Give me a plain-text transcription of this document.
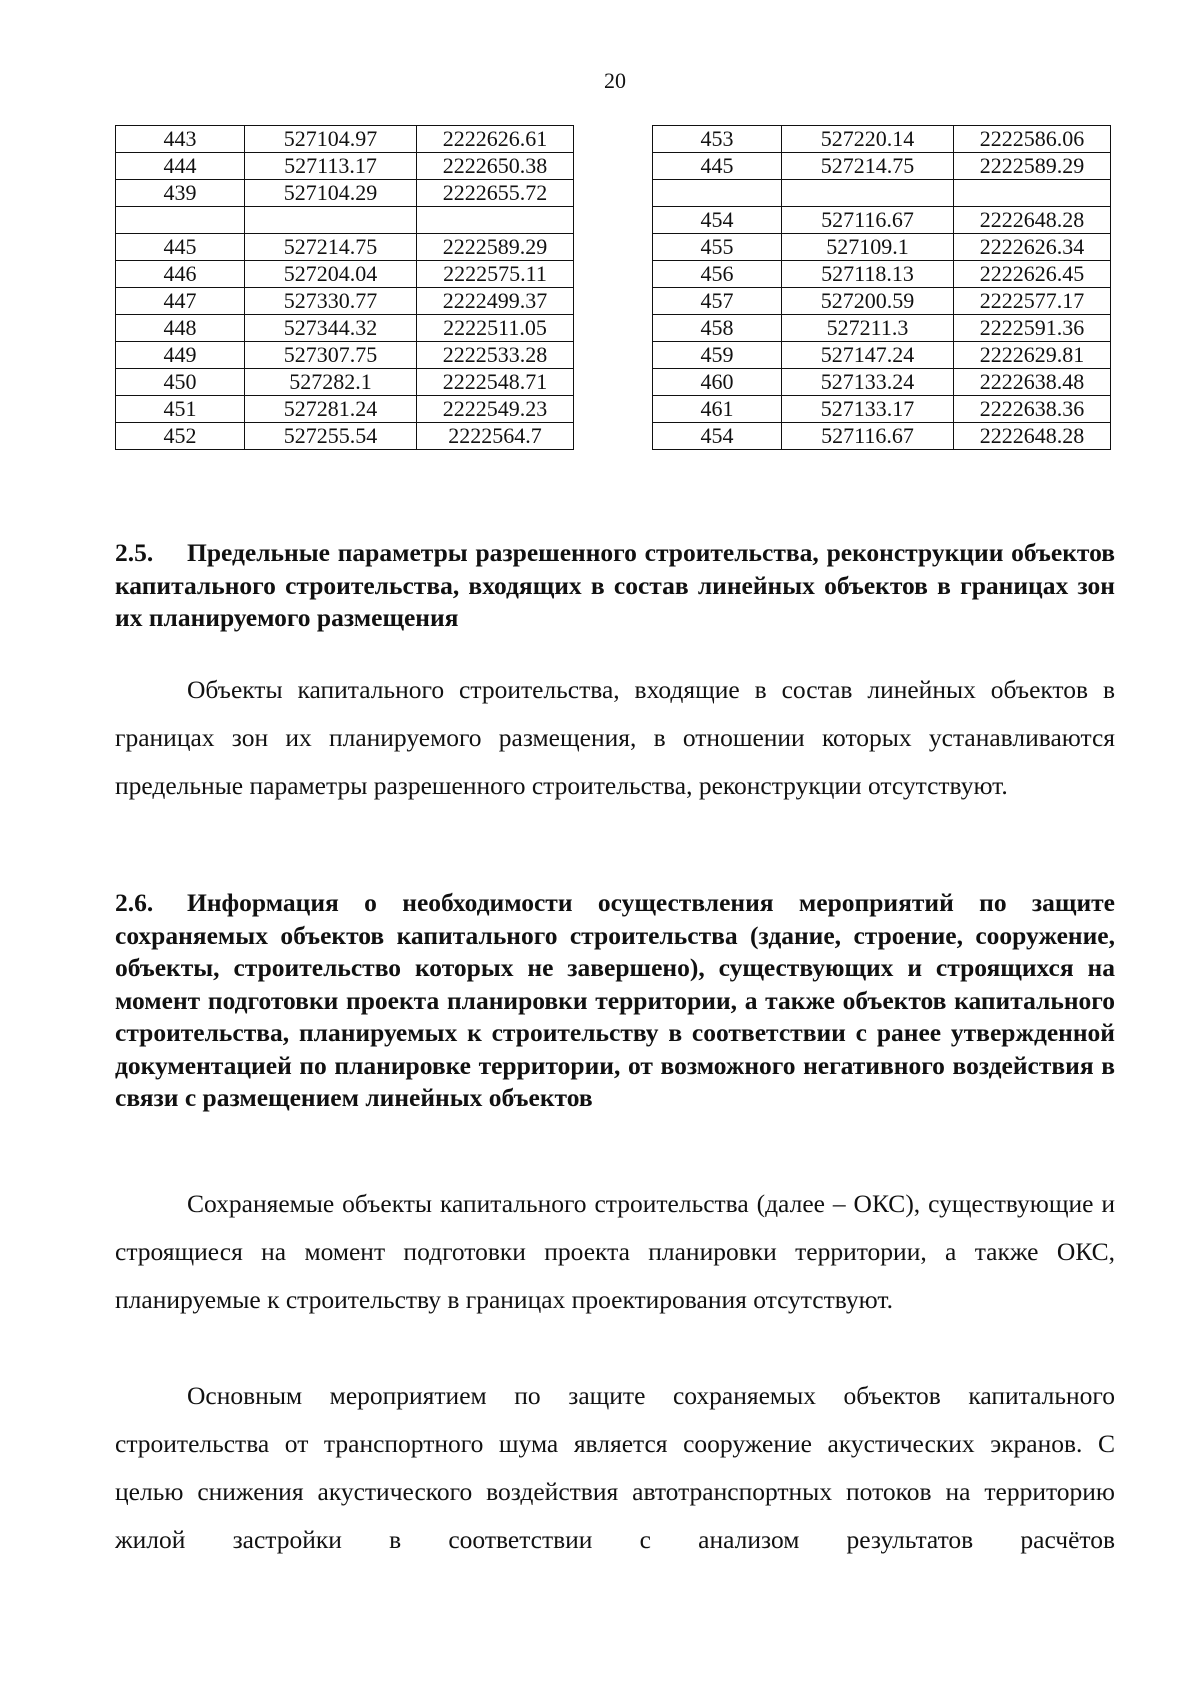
20
443	527104.97	2222626.61
444	527113.17	2222650.38
439	527104.29	2222655.72

445	527214.75	2222589.29
446	527204.04	2222575.11
447	527330.77	2222499.37
448	527344.32	2222511.05
449	527307.75	2222533.28
450	527282.1	2222548.71
451	527281.24	2222549.23
452	527255.54	2222564.7
453	527220.14	2222586.06
445	527214.75	2222589.29

454	527116.67	2222648.28
455	527109.1	2222626.34
456	527118.13	2222626.45
457	527200.59	2222577.17
458	527211.3	2222591.36
459	527147.24	2222629.81
460	527133.24	2222638.48
461	527133.17	2222638.36
454	527116.67	2222648.28
2.5. Предельные параметры разрешенного строительства, реконструкции объектов капитального строительства, входящих в состав линейных объектов в границах зон их планируемого размещения

Объекты капитального строительства, входящие в состав линейных объектов в границах зон их планируемого размещения, в отношении которых устанавливаются предельные параметры разрешенного строительства, реконструкции отсутствуют.

2.6. Информация о необходимости осуществления мероприятий по защите сохраняемых объектов капитального строительства (здание, строение, сооружение, объекты, строительство которых не завершено), существующих и строящихся на момент подготовки проекта планировки территории, а также объектов капитального строительства, планируемых к строительству в соответствии с ранее утвержденной документацией по планировке территории, от возможного негативного воздействия в связи с размещением линейных объектов

Сохраняемые объекты капитального строительства (далее – ОКС), существующие и строящиеся на момент подготовки проекта планировки территории, а также ОКС, планируемые к строительству в границах проектирования отсутствуют.

Основным мероприятием по защите сохраняемых объектов капитального строительства от транспортного шума является сооружение акустических экранов. С целью снижения акустического воздействия автотранспортных потоков на территорию жилой застройки в соответствии с анализом результатов расчётов
